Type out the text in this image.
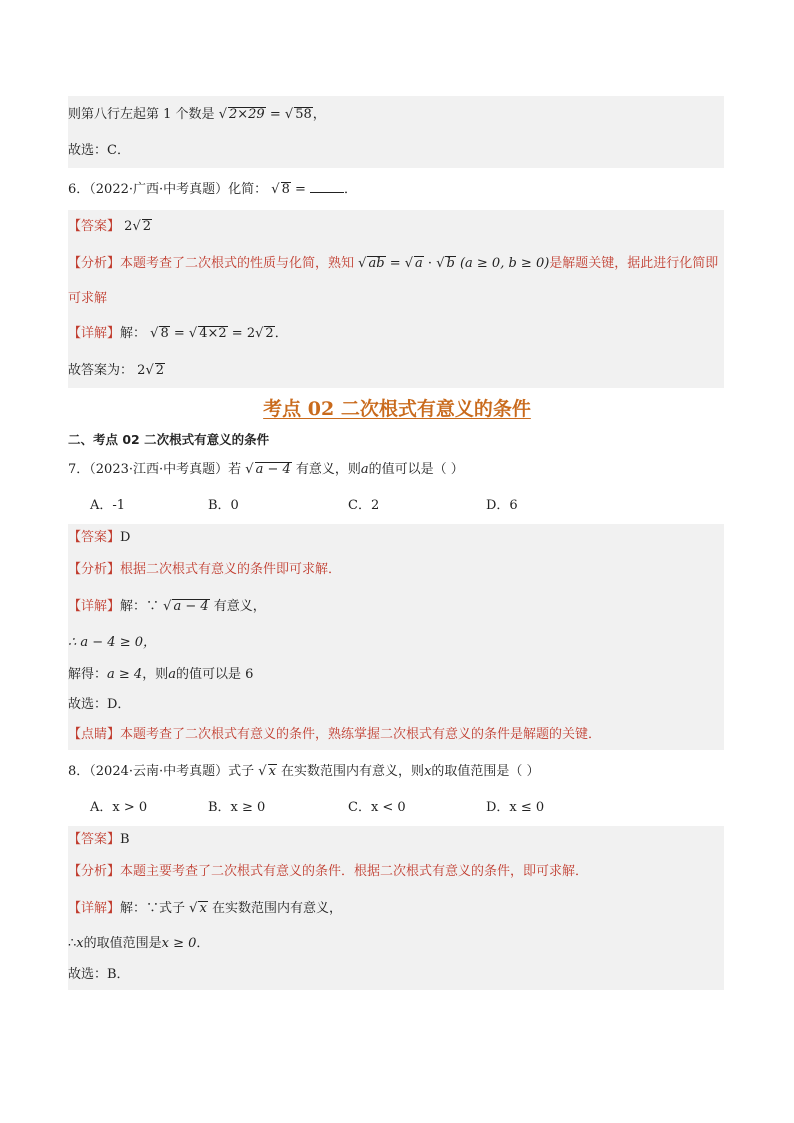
则第八行左起第 1 个数是 √ 2×29 = √ 58，
故选：C．
6．（2022·广西·中考真题）化简： √ 8 =	．
【答案】 2√ 2
【分析】本题考查了二次根式的性质与化简，熟知 √ ab = √ a · √ b (a ≥ 0, b ≥ 0)是解题关键，据此进行化简即
可求解
【详解】解： √ 8 = √ 4×2 = 2√ 2．
故答案为： 2√ 2
考点 02 二次根式有意义的条件
二、考点 02 二次根式有意义的条件
7．（2023·江西·中考真题）若 √ a − 4 有意义，则a的值可以是（ ）
A．-1	B．0	C．2	D．6
【答案】D
【分析】根据二次根式有意义的条件即可求解．
【详解】解：∵ √ a − 4 有意义，
∴ a − 4 ≥ 0，
解得：a ≥ 4，则a的值可以是 6
故选：D．
【点睛】本题考查了二次根式有意义的条件，熟练掌握二次根式有意义的条件是解题的关键．
8．（2024·云南·中考真题）式子 √ x 在实数范围内有意义，则x的取值范围是（ ）
A．x > 0	B．x ≥ 0	C．x < 0	D．x ≤ 0
【答案】B
【分析】本题主要考查了二次根式有意义的条件．根据二次根式有意义的条件，即可求解．
【详解】解：∵式子 √ x 在实数范围内有意义，
∴x的取值范围是x ≥ 0．
故选：B．
